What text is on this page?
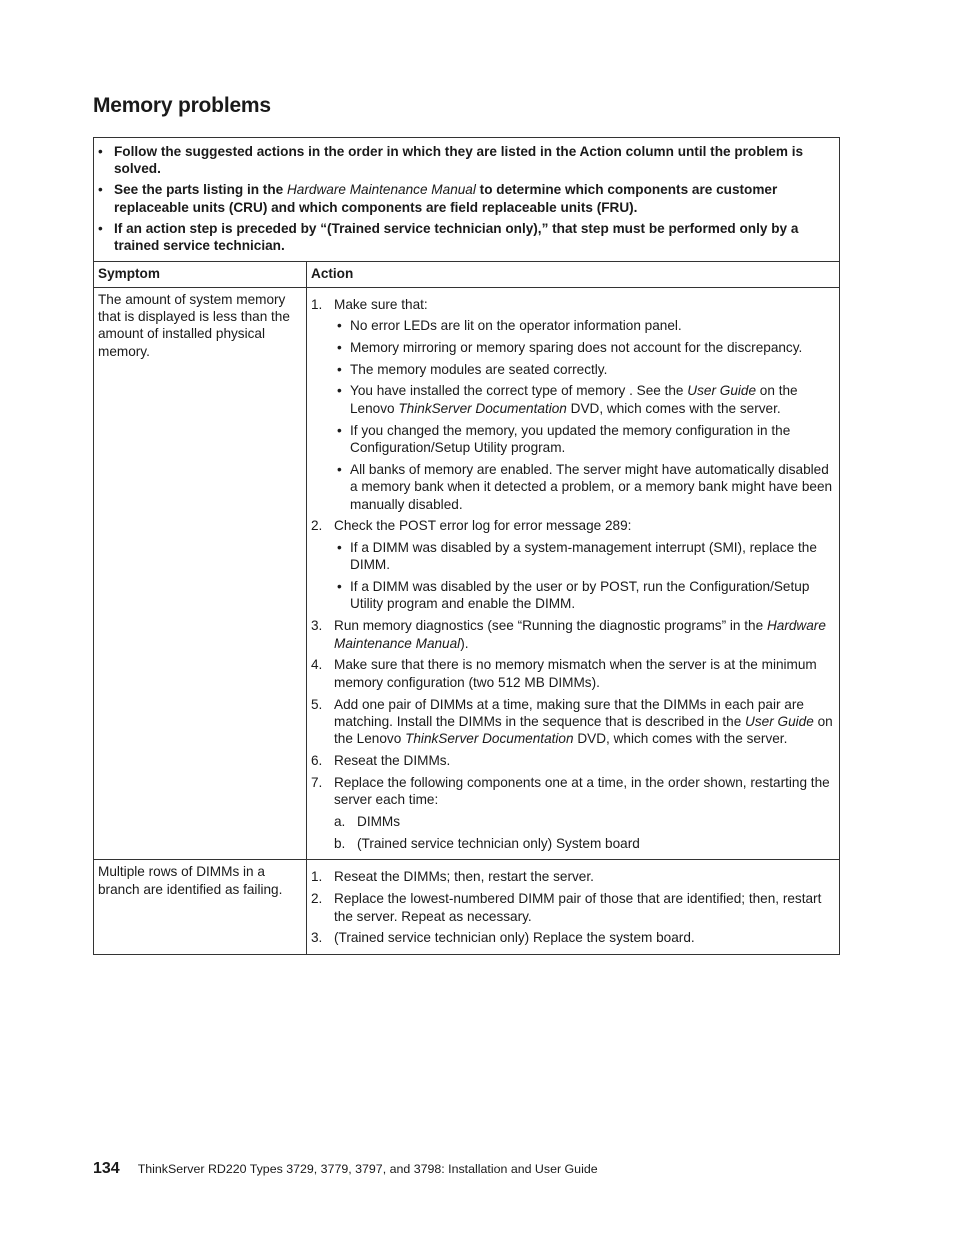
Memory problems
• Follow the suggested actions in the order in which they are listed in the Action column until the problem is solved.
• See the parts listing in the Hardware Maintenance Manual to determine which components are customer replaceable units (CRU) and which components are field replaceable units (FRU).
• If an action step is preceded by “(Trained service technician only),” that step must be performed only by a trained service technician.
Symptom	Action
The amount of system memory that is displayed is less than the amount of installed physical memory.
1. Make sure that:
• No error LEDs are lit on the operator information panel.
• Memory mirroring or memory sparing does not account for the discrepancy.
• The memory modules are seated correctly.
• You have installed the correct type of memory . See the User Guide on the Lenovo ThinkServer Documentation DVD, which comes with the server.
• If you changed the memory, you updated the memory configuration in the Configuration/Setup Utility program.
• All banks of memory are enabled. The server might have automatically disabled a memory bank when it detected a problem, or a memory bank might have been manually disabled.
2. Check the POST error log for error message 289:
• If a DIMM was disabled by a system-management interrupt (SMI), replace the DIMM.
• If a DIMM was disabled by the user or by POST, run the Configuration/Setup Utility program and enable the DIMM.
3. Run memory diagnostics (see “Running the diagnostic programs” in the Hardware Maintenance Manual).
4. Make sure that there is no memory mismatch when the server is at the minimum memory configuration (two 512 MB DIMMs).
5. Add one pair of DIMMs at a time, making sure that the DIMMs in each pair are matching. Install the DIMMs in the sequence that is described in the User Guide on the Lenovo ThinkServer Documentation DVD, which comes with the server.
6. Reseat the DIMMs.
7. Replace the following components one at a time, in the order shown, restarting the server each time:
a. DIMMs
b. (Trained service technician only) System board
Multiple rows of DIMMs in a branch are identified as failing.
1. Reseat the DIMMs; then, restart the server.
2. Replace the lowest-numbered DIMM pair of those that are identified; then, restart the server. Repeat as necessary.
3. (Trained service technician only) Replace the system board.
134 ThinkServer RD220 Types 3729, 3779, 3797, and 3798: Installation and User Guide
